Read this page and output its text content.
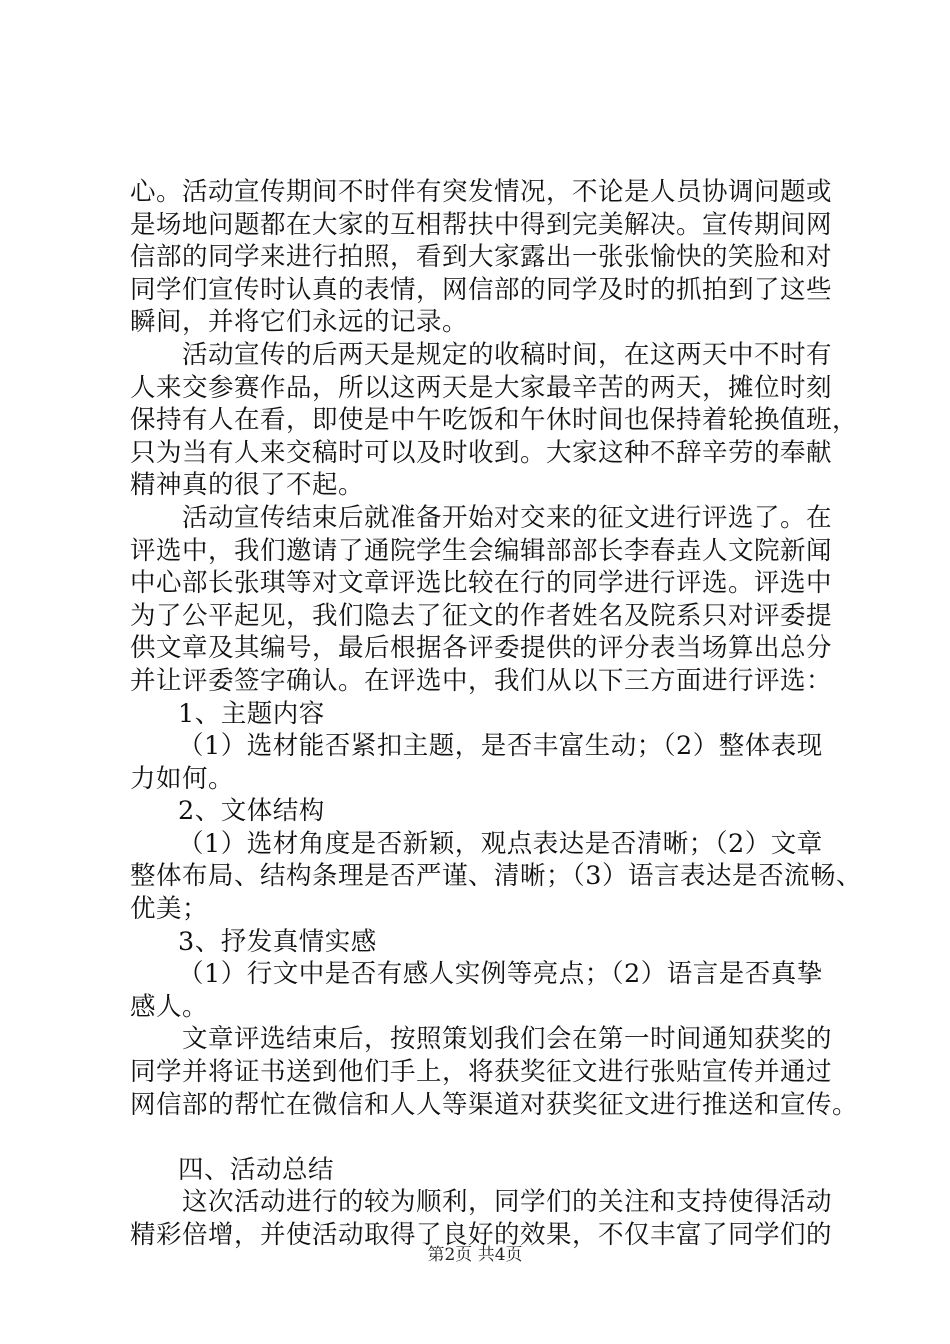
心。活动宣传期间不时伴有突发情况，不论是人员协调问题或
是场地问题都在大家的互相帮扶中得到完美解决。宣传期间网
信部的同学来进行拍照，看到大家露出一张张愉快的笑脸和对
同学们宣传时认真的表情，网信部的同学及时的抓拍到了这些
瞬间，并将它们永远的记录。
活动宣传的后两天是规定的收稿时间，在这两天中不时有
人来交参赛作品，所以这两天是大家最辛苦的两天，摊位时刻
保持有人在看，即使是中午吃饭和午休时间也保持着轮换值班，
只为当有人来交稿时可以及时收到。大家这种不辞辛劳的奉献
精神真的很了不起。
活动宣传结束后就准备开始对交来的征文进行评选了。在
评选中，我们邀请了通院学生会编辑部部长李春垚人文院新闻
中心部长张琪等对文章评选比较在行的同学进行评选。评选中
为了公平起见，我们隐去了征文的作者姓名及院系只对评委提
供文章及其编号，最后根据各评委提供的评分表当场算出总分
并让评委签字确认。在评选中，我们从以下三方面进行评选：
1、主题内容
（1）选材能否紧扣主题，是否丰富生动；（2）整体表现
力如何。
2、文体结构
（1）选材角度是否新颖，观点表达是否清晰；（2）文章
整体布局、结构条理是否严谨、清晰；（3）语言表达是否流畅、
优美；
3、抒发真情实感
（1）行文中是否有感人实例等亮点；（2）语言是否真挚
感人。
文章评选结束后，按照策划我们会在第一时间通知获奖的
同学并将证书送到他们手上，将获奖征文进行张贴宣传并通过
网信部的帮忙在微信和人人等渠道对获奖征文进行推送和宣传。
四、活动总结
这次活动进行的较为顺利，同学们的关注和支持使得活动
精彩倍增，并使活动取得了良好的效果，不仅丰富了同学们的
第2页 共4页
